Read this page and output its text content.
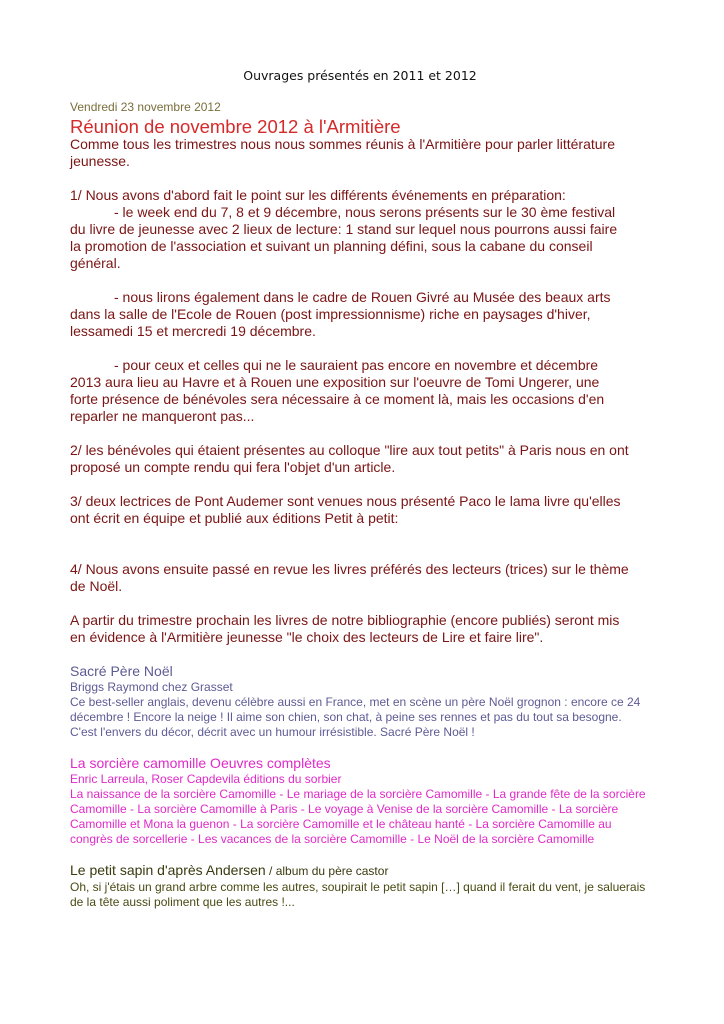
Ouvrages présentés en 2011 et 2012
Vendredi 23 novembre 2012
Réunion de novembre 2012 à l'Armitière

Comme tous les trimestres nous nous sommes réunis à l'Armitière pour parler littérature
jeunesse.

1/ Nous avons d'abord fait le point sur les différents événements en préparation:
- le week end du 7, 8 et 9 décembre, nous serons présents sur le 30 ème festival
du livre de jeunesse avec 2 lieux de lecture: 1 stand sur lequel nous pourrons aussi faire
la promotion de l'association et suivant un planning défini, sous la cabane du conseil
général.

- nous lirons également dans le cadre de Rouen Givré au Musée des beaux arts
dans la salle de l'Ecole de Rouen (post impressionnisme) riche en paysages d'hiver,
lessamedi 15 et mercredi 19 décembre.

- pour ceux et celles qui ne le sauraient pas encore en novembre et décembre
2013 aura lieu au Havre et à Rouen une exposition sur l'oeuvre de Tomi Ungerer, une
forte présence de bénévoles sera nécessaire à ce moment là, mais les occasions d'en
reparler ne manqueront pas...

2/ les bénévoles qui étaient présentes au colloque "lire aux tout petits" à Paris nous en ont
proposé un compte rendu qui fera l'objet d'un article.

3/ deux lectrices de Pont Audemer sont venues nous présenté Paco le lama livre qu'elles
ont écrit en équipe et publié aux éditions Petit à petit:

4/ Nous avons ensuite passé en revue les livres préférés des lecteurs (trices) sur le thème
de Noël.

A partir du trimestre prochain les livres de notre bibliographie (encore publiés) seront mis
en évidence à l'Armitière jeunesse "le choix des lecteurs de Lire et faire lire".

Sacré Père Noël
Briggs Raymond chez Grasset
Ce best-seller anglais, devenu célèbre aussi en France, met en scène un père Noël grognon : encore ce 24
décembre ! Encore la neige ! Il aime son chien, son chat, à peine ses rennes et pas du tout sa besogne.
C'est l'envers du décor, décrit avec un humour irrésistible. Sacré Père Noël !
La sorcière camomille Oeuvres complètes
Enric Larreula, Roser Capdevila éditions du sorbier
La naissance de la sorcière Camomille - Le mariage de la sorcière Camomille - La grande fête de la sorcière
Camomille - La sorcière Camomille à Paris - Le voyage à Venise de la sorcière Camomille - La sorcière
Camomille et Mona la guenon - La sorcière Camomille et le château hanté - La sorcière Camomille au
congrès de sorcellerie - Les vacances de la sorcière Camomille - Le Noël de la sorcière Camomille
Le petit sapin d'après Andersen / album du père castor
Oh, si j'étais un grand arbre comme les autres, soupirait le petit sapin […] quand il ferait du vent, je saluerais
de la tête aussi poliment que les autres !...
